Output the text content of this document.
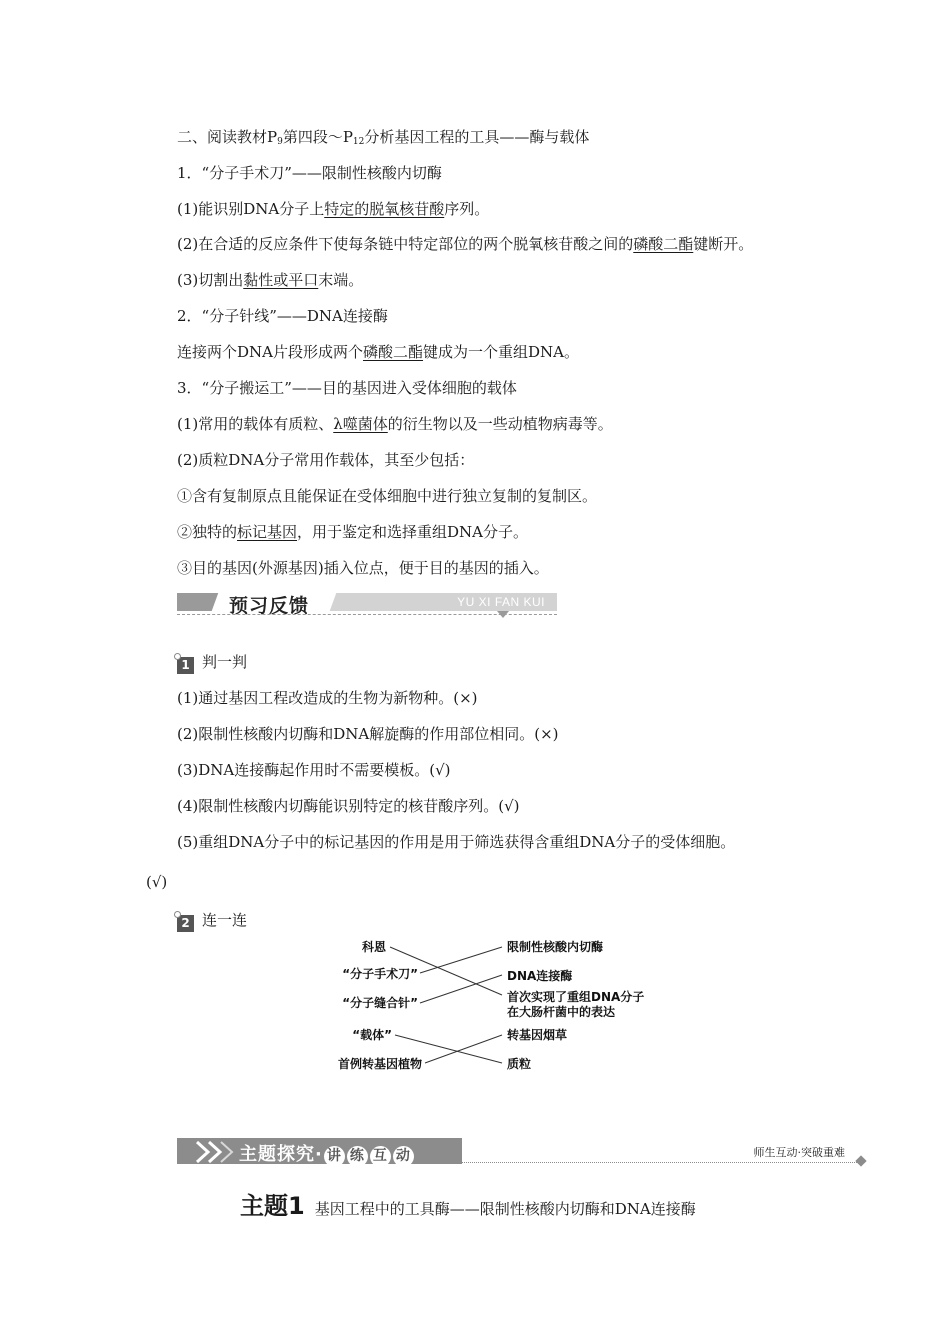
二、阅读教材$P_9$第四段$\sim P_{12}$分析基因工程的工具——酶与载体
1．“分子手术刀”——限制性核酸内切酶
(1)能识别DNA分子上特定的脱氧核苷酸序列。
(2)在合适的反应条件下使每条链中特定部位的两个脱氧核苷酸之间的磷酸二酯键断开。
(3)切割出黏性或平口末端。
2．“分子针线”——DNA连接酶
连接两个DNA片段形成两个磷酸二酯键成为一个重组DNA。
3．“分子搬运工”——目的基因进入受体细胞的载体
(1)常用的载体有质粒、λ噬菌体的衍生物以及一些动植物病毒等。
(2)质粒DNA分子常用作载体，其至少包括：
①含有复制原点且能保证在受体细胞中进行独立复制的复制区。
②独特的标记基因，用于鉴定和选择重组DNA分子。
③目的基因(外源基因)插入位点，便于目的基因的插入。
预习反馈	YU XI FAN KUI
1 判一判
(1)通过基因工程改造成的生物为新物种。(×)
(2)限制性核酸内切酶和DNA解旋酶的作用部位相同。(×)
(3)DNA连接酶起作用时不需要模板。(√)
(4)限制性核酸内切酶能识别特定的核苷酸序列。(√)
(5)重组DNA分子中的标记基因的作用是用于筛选获得含重组DNA分子的受体细胞。
(√)
2 连一连
科恩
“分子手术刀”
“分子缝合针”
“载体”
首例转基因植物
限制性核酸内切酶
DNA连接酶
首次实现了重组DNA分子
在大肠杆菌中的表达
转基因烟草
质粒
主题探究· 讲 练 互 动	师生互动·突破重难
主题1 基因工程中的工具酶——限制性核酸内切酶和DNA连接酶
